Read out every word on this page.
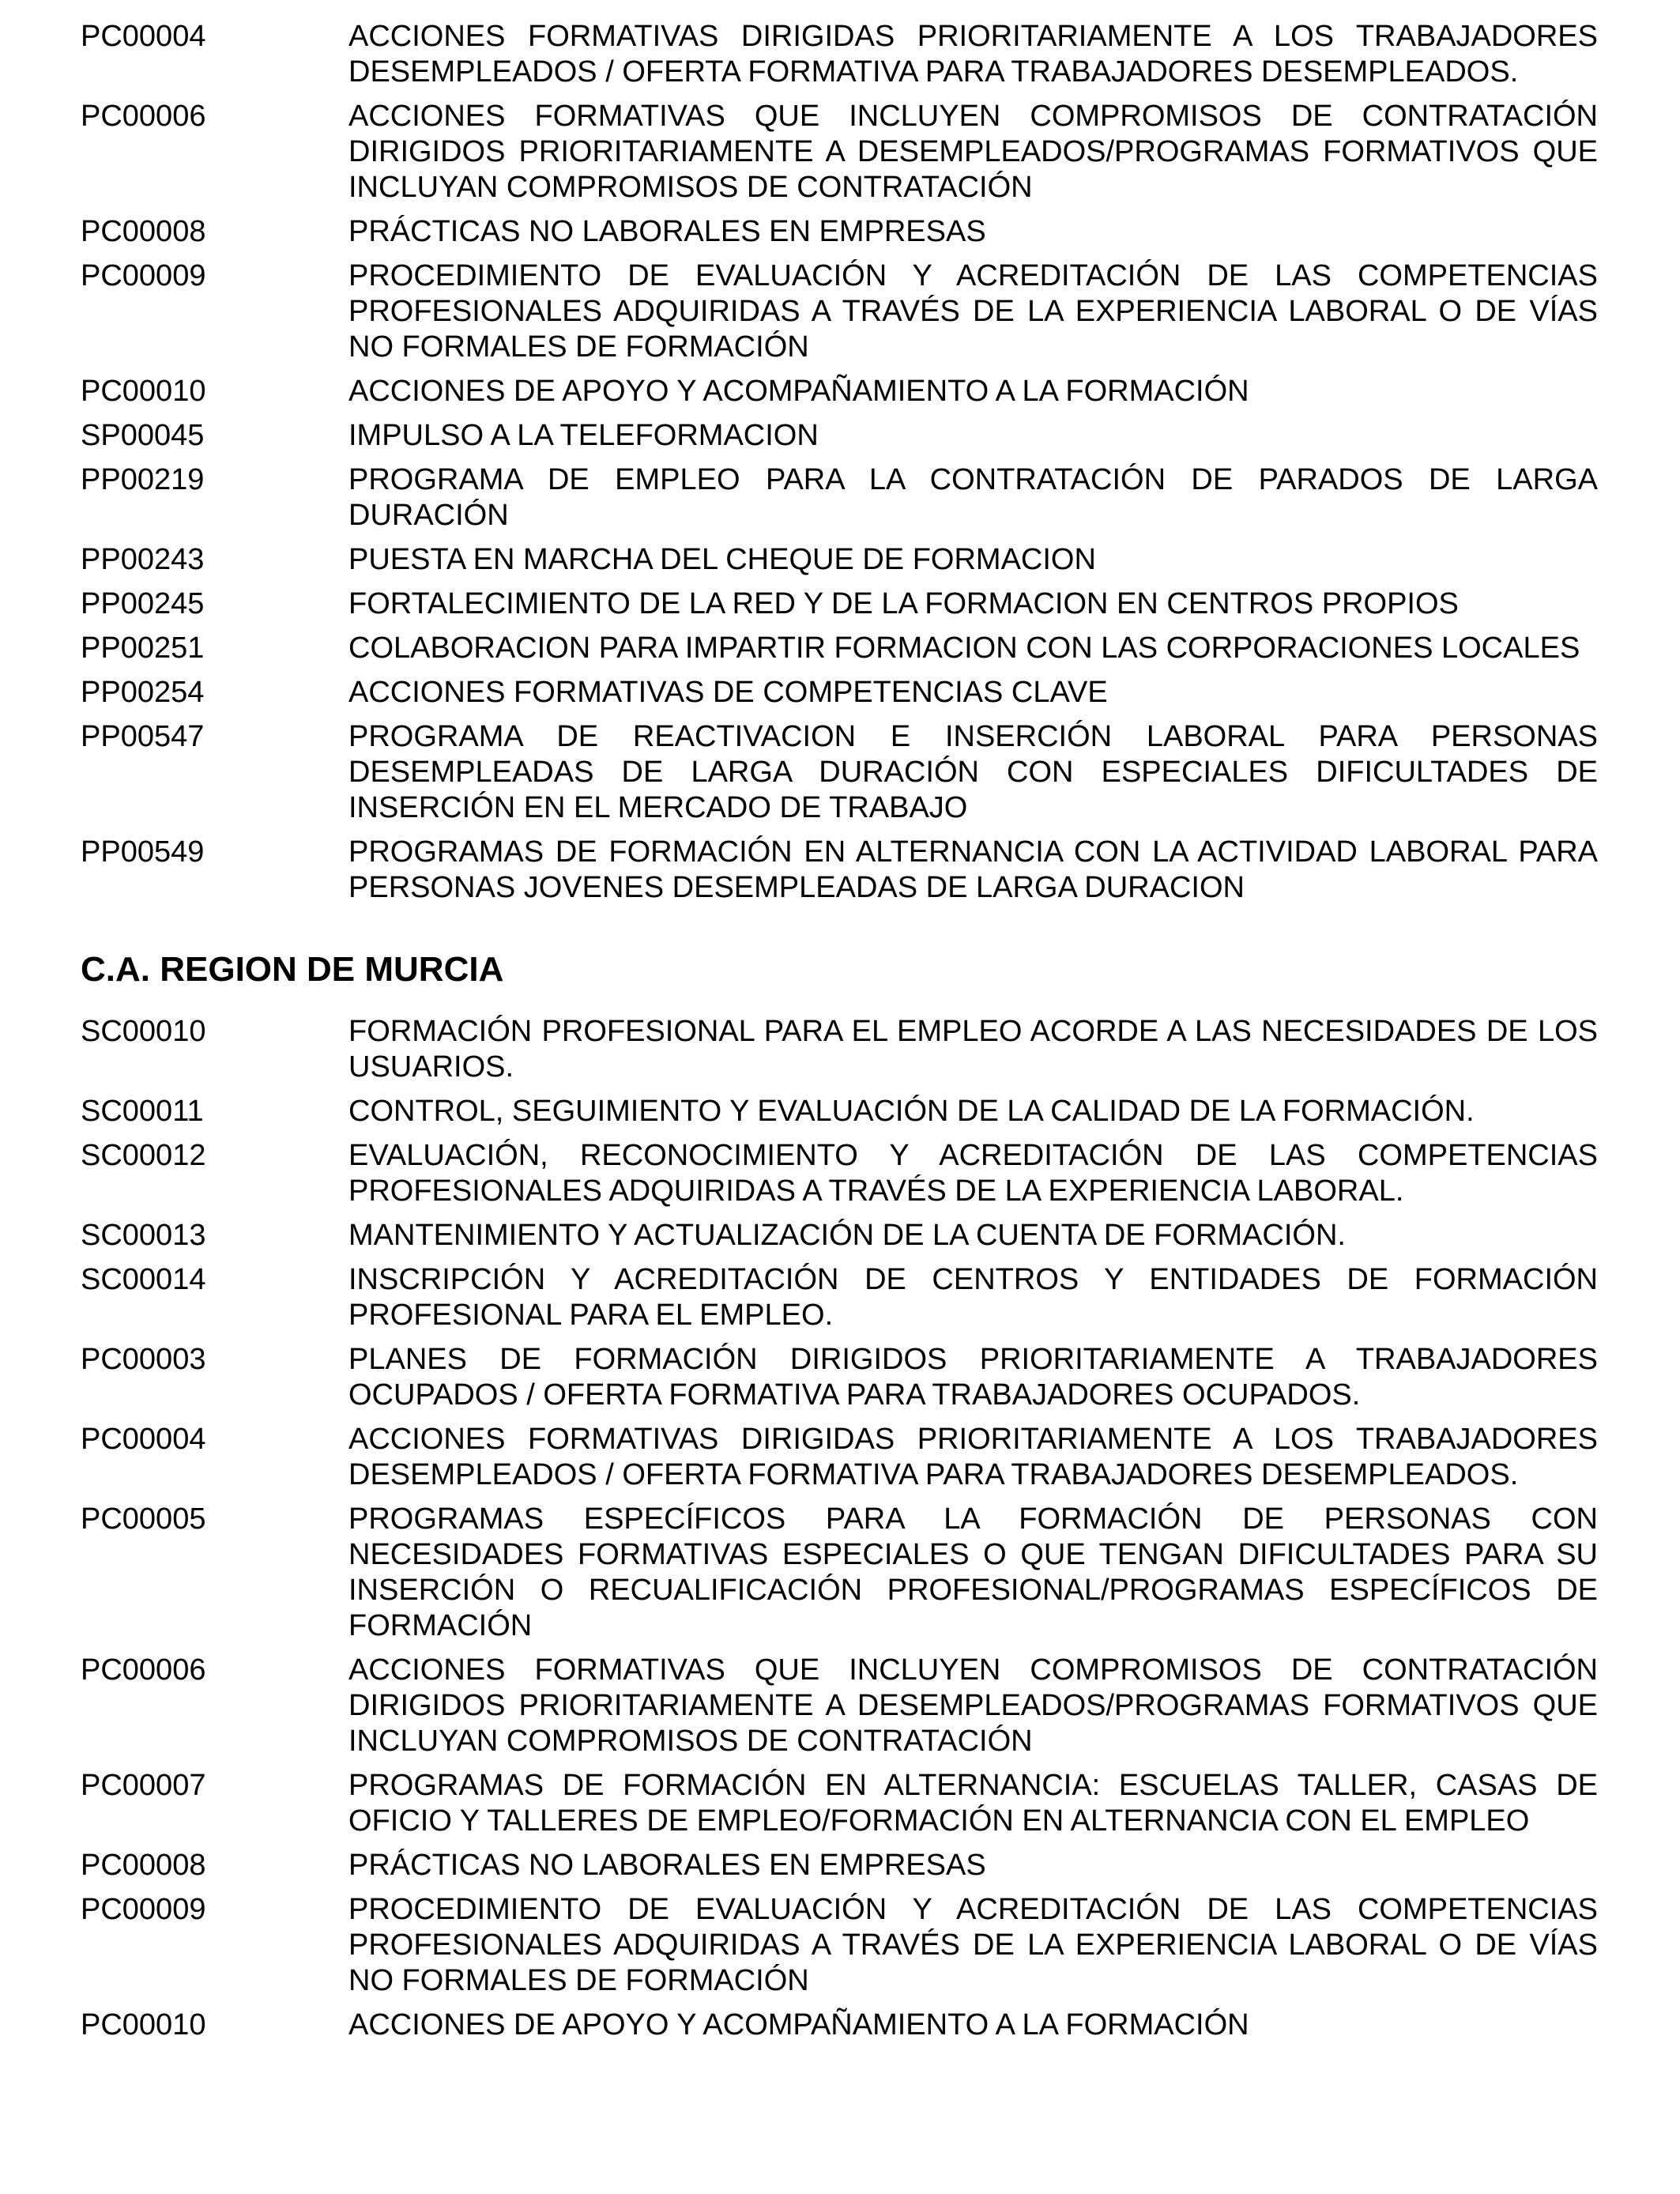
PC00004	ACCIONES FORMATIVAS DIRIGIDAS PRIORITARIAMENTE A LOS TRABAJADORES DESEMPLEADOS / OFERTA FORMATIVA PARA TRABAJADORES DESEMPLEADOS.
PC00006	ACCIONES FORMATIVAS QUE INCLUYEN COMPROMISOS DE CONTRATACIÓN DIRIGIDOS PRIORITARIAMENTE A DESEMPLEADOS/PROGRAMAS FORMATIVOS QUE INCLUYAN COMPROMISOS DE CONTRATACIÓN
PC00008	PRÁCTICAS NO LABORALES EN EMPRESAS
PC00009	PROCEDIMIENTO DE EVALUACIÓN Y ACREDITACIÓN DE LAS COMPETENCIAS PROFESIONALES ADQUIRIDAS A TRAVÉS DE LA EXPERIENCIA LABORAL O DE VÍAS NO FORMALES DE FORMACIÓN
PC00010	ACCIONES DE APOYO Y ACOMPAÑAMIENTO A LA FORMACIÓN
SP00045	IMPULSO A LA TELEFORMACION
PP00219	PROGRAMA DE EMPLEO PARA LA CONTRATACIÓN DE PARADOS DE LARGA DURACIÓN
PP00243	PUESTA EN MARCHA DEL CHEQUE DE FORMACION
PP00245	FORTALECIMIENTO DE LA RED Y DE LA FORMACION EN CENTROS PROPIOS
PP00251	COLABORACION PARA IMPARTIR FORMACION CON LAS CORPORACIONES LOCALES
PP00254	ACCIONES FORMATIVAS DE COMPETENCIAS CLAVE
PP00547	PROGRAMA DE REACTIVACION E INSERCIÓN LABORAL PARA PERSONAS DESEMPLEADAS DE LARGA DURACIÓN CON ESPECIALES DIFICULTADES DE INSERCIÓN EN EL MERCADO DE TRABAJO
PP00549	PROGRAMAS DE FORMACIÓN EN ALTERNANCIA CON LA ACTIVIDAD LABORAL PARA PERSONAS JOVENES DESEMPLEADAS DE LARGA DURACION
C.A. REGION DE MURCIA
SC00010	FORMACIÓN PROFESIONAL PARA EL EMPLEO ACORDE A LAS NECESIDADES DE LOS USUARIOS.
SC00011	CONTROL, SEGUIMIENTO Y EVALUACIÓN DE LA CALIDAD DE LA FORMACIÓN.
SC00012	EVALUACIÓN, RECONOCIMIENTO Y ACREDITACIÓN DE LAS COMPETENCIAS PROFESIONALES ADQUIRIDAS A TRAVÉS DE LA EXPERIENCIA LABORAL.
SC00013	MANTENIMIENTO Y ACTUALIZACIÓN DE LA CUENTA DE FORMACIÓN.
SC00014	INSCRIPCIÓN Y ACREDITACIÓN DE CENTROS Y ENTIDADES DE FORMACIÓN PROFESIONAL PARA EL EMPLEO.
PC00003	PLANES DE FORMACIÓN DIRIGIDOS PRIORITARIAMENTE A TRABAJADORES OCUPADOS / OFERTA FORMATIVA PARA TRABAJADORES OCUPADOS.
PC00004	ACCIONES FORMATIVAS DIRIGIDAS PRIORITARIAMENTE A LOS TRABAJADORES DESEMPLEADOS / OFERTA FORMATIVA PARA TRABAJADORES DESEMPLEADOS.
PC00005	PROGRAMAS ESPECÍFICOS PARA LA FORMACIÓN DE PERSONAS CON NECESIDADES FORMATIVAS ESPECIALES O QUE TENGAN DIFICULTADES PARA SU INSERCIÓN O RECUALIFICACIÓN PROFESIONAL/PROGRAMAS ESPECÍFICOS DE FORMACIÓN
PC00006	ACCIONES FORMATIVAS QUE INCLUYEN COMPROMISOS DE CONTRATACIÓN DIRIGIDOS PRIORITARIAMENTE A DESEMPLEADOS/PROGRAMAS FORMATIVOS QUE INCLUYAN COMPROMISOS DE CONTRATACIÓN
PC00007	PROGRAMAS DE FORMACIÓN EN ALTERNANCIA: ESCUELAS TALLER, CASAS DE OFICIO Y TALLERES DE EMPLEO/FORMACIÓN EN ALTERNANCIA CON EL EMPLEO
PC00008	PRÁCTICAS NO LABORALES EN EMPRESAS
PC00009	PROCEDIMIENTO DE EVALUACIÓN Y ACREDITACIÓN DE LAS COMPETENCIAS PROFESIONALES ADQUIRIDAS A TRAVÉS DE LA EXPERIENCIA LABORAL O DE VÍAS NO FORMALES DE FORMACIÓN
PC00010	ACCIONES DE APOYO Y ACOMPAÑAMIENTO A LA FORMACIÓN
